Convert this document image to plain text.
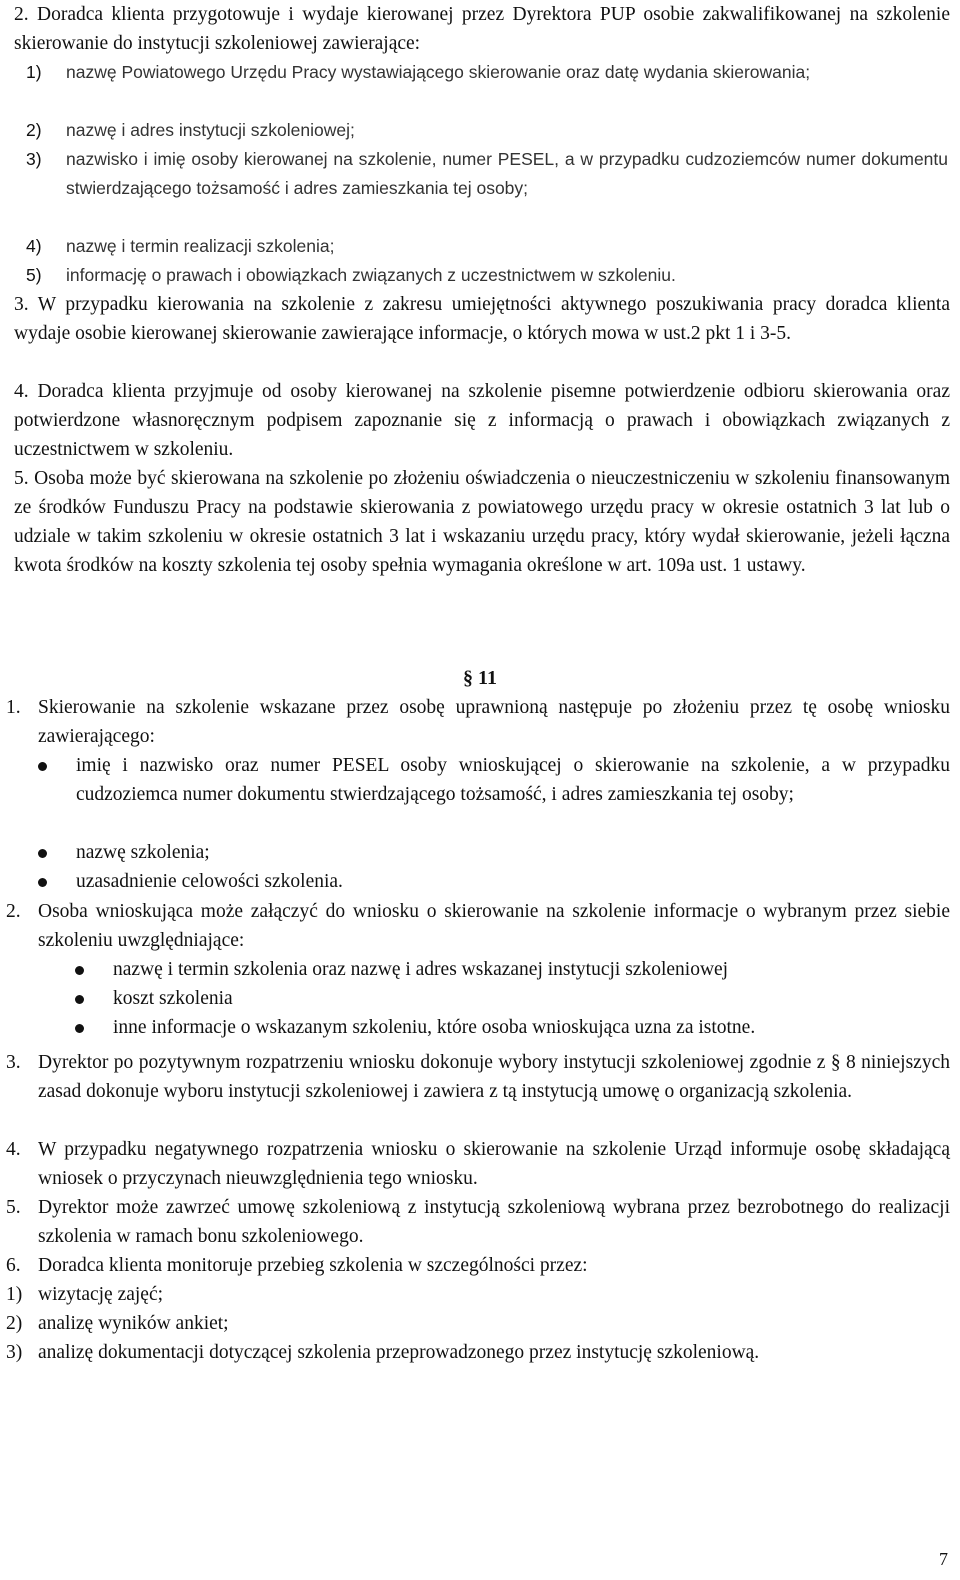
2. Doradca klienta przygotowuje i wydaje kierowanej przez Dyrektora PUP osobie zakwalifikowanej na szkolenie skierowanie do instytucji szkoleniowej zawierające:
1) nazwę Powiatowego Urzędu Pracy wystawiającego skierowanie oraz datę wydania skierowania;
2) nazwę i adres instytucji szkoleniowej;
3) nazwisko i imię osoby kierowanej na szkolenie, numer PESEL, a w przypadku cudzoziemców numer dokumentu stwierdzającego tożsamość i adres zamieszkania tej osoby;
4) nazwę i termin realizacji szkolenia;
5) informację o prawach i obowiązkach związanych z uczestnictwem w szkoleniu.
3. W przypadku kierowania na szkolenie z zakresu umiejętności aktywnego poszukiwania pracy doradca klienta wydaje osobie kierowanej skierowanie zawierające informacje, o których mowa w ust.2 pkt 1 i 3-5.
4. Doradca klienta przyjmuje od osoby kierowanej na szkolenie pisemne potwierdzenie odbioru skierowania oraz potwierdzone własnoręcznym podpisem zapoznanie się z informacją o prawach i obowiązkach związanych z uczestnictwem w szkoleniu.
5. Osoba może być skierowana na szkolenie po złożeniu oświadczenia o nieuczestniczeniu w szkoleniu finansowanym ze środków Funduszu Pracy na podstawie skierowania z powiatowego urzędu pracy w okresie ostatnich 3 lat lub o udziale w takim szkoleniu w okresie ostatnich 3 lat i wskazaniu urzędu pracy, który wydał skierowanie, jeżeli łączna kwota środków na koszty szkolenia tej osoby spełnia wymagania określone w art. 109a ust. 1 ustawy.
§ 11
1. Skierowanie na szkolenie wskazane przez osobę uprawnioną następuje po złożeniu przez tę osobę wniosku zawierającego:
imię i nazwisko oraz numer PESEL osoby wnioskującej o skierowanie na szkolenie, a w przypadku cudzoziemca numer dokumentu stwierdzającego tożsamość, i adres zamieszkania tej osoby;
nazwę szkolenia;
uzasadnienie celowości szkolenia.
2. Osoba wnioskująca może załączyć do wniosku o skierowanie na szkolenie informacje o wybranym przez siebie szkoleniu uwzględniające:
nazwę i termin szkolenia oraz nazwę i adres wskazanej instytucji szkoleniowej
koszt szkolenia
inne informacje o wskazanym szkoleniu, które osoba wnioskująca uzna za istotne.
3. Dyrektor po pozytywnym rozpatrzeniu wniosku dokonuje wybory instytucji szkoleniowej zgodnie z § 8 niniejszych zasad dokonuje wyboru instytucji szkoleniowej i zawiera z tą instytucją umowę o organizacją szkolenia.
4. W przypadku negatywnego rozpatrzenia wniosku o skierowanie na szkolenie Urząd informuje osobę składającą wniosek o przyczynach nieuwzględnienia tego wniosku.
5. Dyrektor może zawrzeć umowę szkoleniową z instytucją szkoleniową wybrana przez bezrobotnego do realizacji szkolenia w ramach bonu szkoleniowego.
6. Doradca klienta monitoruje przebieg szkolenia w szczególności przez:
1) wizytację zajęć;
2) analizę wyników ankiet;
3) analizę dokumentacji dotyczącej szkolenia przeprowadzonego przez instytucję szkoleniową.
7
